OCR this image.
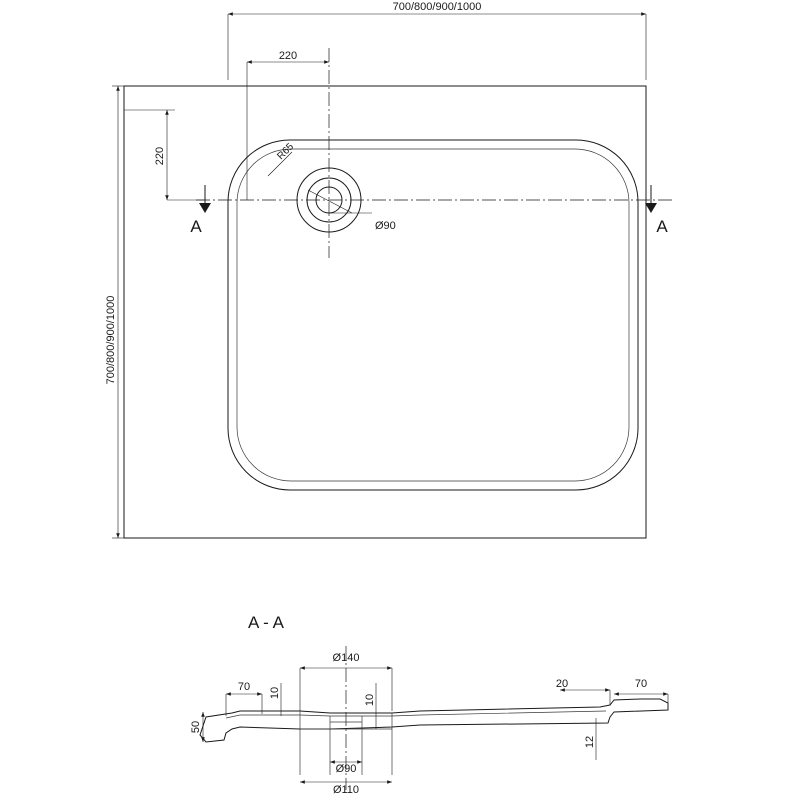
700/800/900/1000
220
220
700/800/900/1000
R65
Ø90
A	A
A - A
Ø140
70 10
10
50
20	70
12
Ø90
Ø110
